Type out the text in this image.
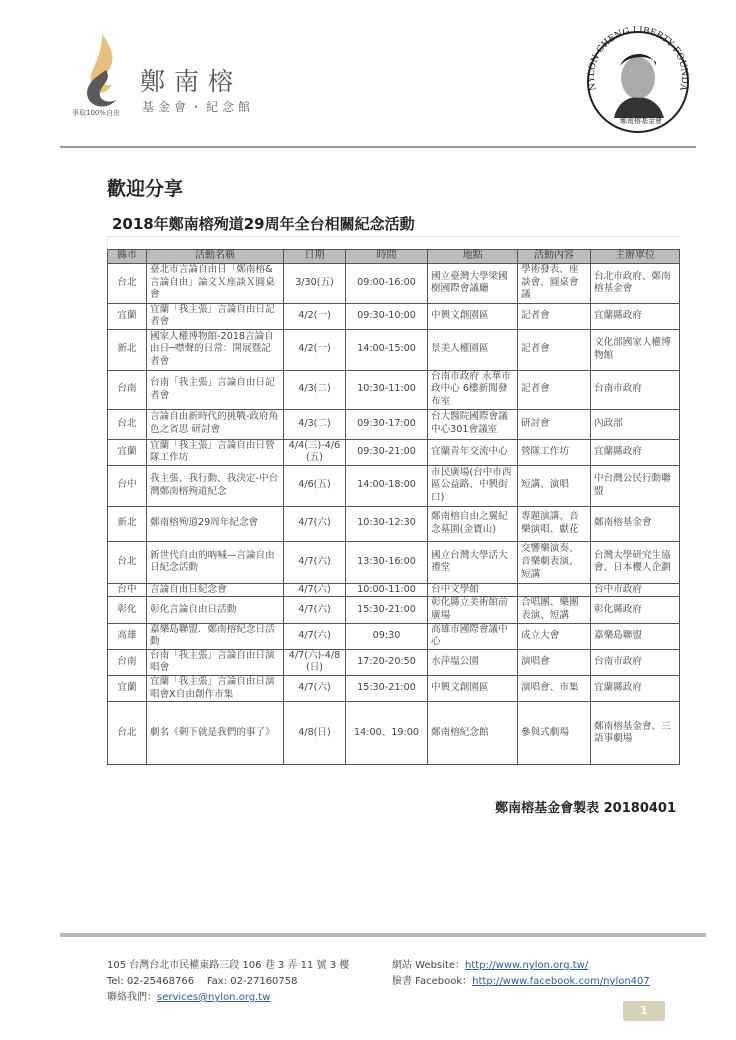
鄭南榕
基金會・紀念館
爭取100%自由
NYLON CHENG LIBERTY FOUNDA
鄭南榕基金會
歡迎分享
2018年鄭南榕殉道29周年全台相關紀念活動
縣市	活動名稱	日期	時間	地點	活動內容	主辦單位
台北	臺北市言論自由日「鄭南榕&言論自由」論文Ｘ座談Ｘ圓桌會	3/30(五)	09:00-16:00	國立臺灣大學梁國樹國際會議廳	學術發表、座談會、圓桌會議	台北市政府、鄭南榕基金會
宜蘭	宜蘭「我主張」言論自由日記者會	4/2(一)	09:30-10:00	中興文創園區	記者會	宜蘭縣政府
新北	國家人權博物館-2018言論自由日─噤聲的日常：開展暨記者會	4/2(一)	14:00-15:00	景美人權園區	記者會	文化部國家人權博物館
台南	台南「我主張」言論自由日記者會	4/3(二)	10:30-11:00	台南市政府 永華市政中心 6樓新聞發布室	記者會	台南市政府
台北	言論自由新時代的挑戰-政府角色之省思 研討會	4/3(二)	09:30-17:00	台大醫院國際會議中心301會議室	研討會	內政部
宜蘭	宜蘭「我主張」言論自由日營隊工作坊	4/4(三)-4/6(五)	09:30-21:00	宜蘭青年交流中心	營隊工作坊	宜蘭縣政府
台中	我主張、我行動、我決定-中台灣鄭南榕殉道紀念	4/6(五)	14:00-18:00	市民廣場(台中市西區公益路、中興街口)	短講、演唱	中台灣公民行動聯盟
新北	鄭南榕殉道29周年紀念會	4/7(六)	10:30-12:30	鄭南榕自由之翼紀念墓園(金寶山)	專題演講、音樂演唱、獻花	鄭南榕基金會
台北	新世代自由的吶喊—言論自由日紀念活動	4/7(六)	13:30-16:00	國立台灣大學活大禮堂	交響樂演奏、音樂劇表演、短講	台灣大學研究生協會、日本櫻人企劃
台中	言論自由日紀念會	4/7(六)	10:00-11:00	台中文學館		台中市政府
彰化	彰化言論自由日活動	4/7(六)	15:30-21:00	彰化縣立美術館前廣場	合唱團、樂團表演、短講	彰化縣政府
高雄	嘉樂島聯盟．鄭南榕紀念日活動	4/7(六)	09:30	高雄市國際會議中心	成立大會	嘉樂島聯盟
台南	台南「我主張」言論自由日演唱會	4/7(六)-4/8(日)	17:20-20:50	水萍塭公園	演唱會	台南市政府
宜蘭	宜蘭「我主張」言論自由日演唱會X自由創作市集	4/7(六)	15:30-21:00	中興文創園區	演唱會、市集	宜蘭縣政府
台北	劇名《剩下就是我們的事了》	4/8(日)	14:00、19:00	鄭南榕紀念館	參與式劇場	鄭南榕基金會、三語事劇場
鄭南榕基金會製表 20180401
105 台灣台北市民權東路三段 106 巷 3 弄 11 號 3 樓
Tel: 02-25468766 Fax: 02-27160758
聯絡我們：services@nylon.org.tw
網站 Website：http://www.nylon.org.tw/
臉書 Facebook：http://www.facebook.com/nylon407
1
